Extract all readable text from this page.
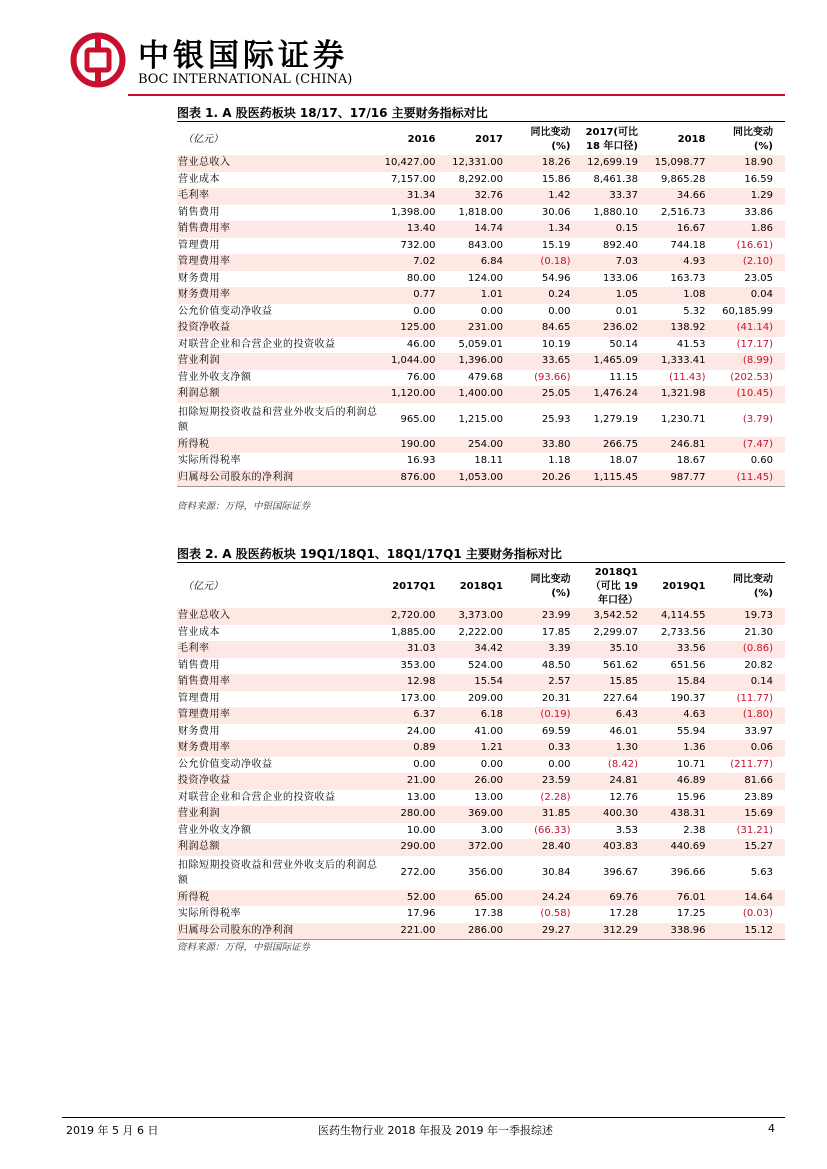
中银国际证券
BOC INTERNATIONAL (CHINA)
图表 1. A 股医药板块 18/17、17/16 主要财务指标对比
（亿元）	2016	2017	同比变动(%)	2017(可比 18 年口径)	2018	同比变动(%)
营业总收入	10,427.00	12,331.00	18.26	12,699.19	15,098.77	18.90
营业成本	7,157.00	8,292.00	15.86	8,461.38	9,865.28	16.59
毛利率	31.34	32.76	1.42	33.37	34.66	1.29
销售费用	1,398.00	1,818.00	30.06	1,880.10	2,516.73	33.86
销售费用率	13.40	14.74	1.34	0.15	16.67	1.86
管理费用	732.00	843.00	15.19	892.40	744.18	(16.61)
管理费用率	7.02	6.84	(0.18)	7.03	4.93	(2.10)
财务费用	80.00	124.00	54.96	133.06	163.73	23.05
财务费用率	0.77	1.01	0.24	1.05	1.08	0.04
公允价值变动净收益	0.00	0.00	0.00	0.01	5.32	60,185.99
投资净收益	125.00	231.00	84.65	236.02	138.92	(41.14)
对联营企业和合营企业的投资收益	46.00	5,059.01	10.19	50.14	41.53	(17.17)
营业利润	1,044.00	1,396.00	33.65	1,465.09	1,333.41	(8.99)
营业外收支净额	76.00	479.68	(93.66)	11.15	(11.43)	(202.53)
利润总额	1,120.00	1,400.00	25.05	1,476.24	1,321.98	(10.45)
扣除短期投资收益和营业外收支后的利润总额	965.00	1,215.00	25.93	1,279.19	1,230.71	(3.79)
所得税	190.00	254.00	33.80	266.75	246.81	(7.47)
实际所得税率	16.93	18.11	1.18	18.07	18.67	0.60
归属母公司股东的净利润	876.00	1,053.00	20.26	1,115.45	987.77	(11.45)
资料来源：万得，中银国际证券
图表 2. A 股医药板块 19Q1/18Q1、18Q1/17Q1 主要财务指标对比
（亿元）	2017Q1	2018Q1	同比变动(%)	2018Q1（可比 19 年口径）	2019Q1	同比变动(%)
营业总收入	2,720.00	3,373.00	23.99	3,542.52	4,114.55	19.73
营业成本	1,885.00	2,222.00	17.85	2,299.07	2,733.56	21.30
毛利率	31.03	34.42	3.39	35.10	33.56	(0.86)
销售费用	353.00	524.00	48.50	561.62	651.56	20.82
销售费用率	12.98	15.54	2.57	15.85	15.84	0.14
管理费用	173.00	209.00	20.31	227.64	190.37	(11.77)
管理费用率	6.37	6.18	(0.19)	6.43	4.63	(1.80)
财务费用	24.00	41.00	69.59	46.01	55.94	33.97
财务费用率	0.89	1.21	0.33	1.30	1.36	0.06
公允价值变动净收益	0.00	0.00	0.00	(8.42)	10.71	(211.77)
投资净收益	21.00	26.00	23.59	24.81	46.89	81.66
对联营企业和合营企业的投资收益	13.00	13.00	(2.28)	12.76	15.96	23.89
营业利润	280.00	369.00	31.85	400.30	438.31	15.69
营业外收支净额	10.00	3.00	(66.33)	3.53	2.38	(31.21)
利润总额	290.00	372.00	28.40	403.83	440.69	15.27
扣除短期投资收益和营业外收支后的利润总额	272.00	356.00	30.84	396.67	396.66	5.63
所得税	52.00	65.00	24.24	69.76	76.01	14.64
实际所得税率	17.96	17.38	(0.58)	17.28	17.25	(0.03)
归属母公司股东的净利润	221.00	286.00	29.27	312.29	338.96	15.12
资料来源：万得，中银国际证券
2019 年 5 月 6 日	医药生物行业 2018 年报及 2019 年一季报综述	4
